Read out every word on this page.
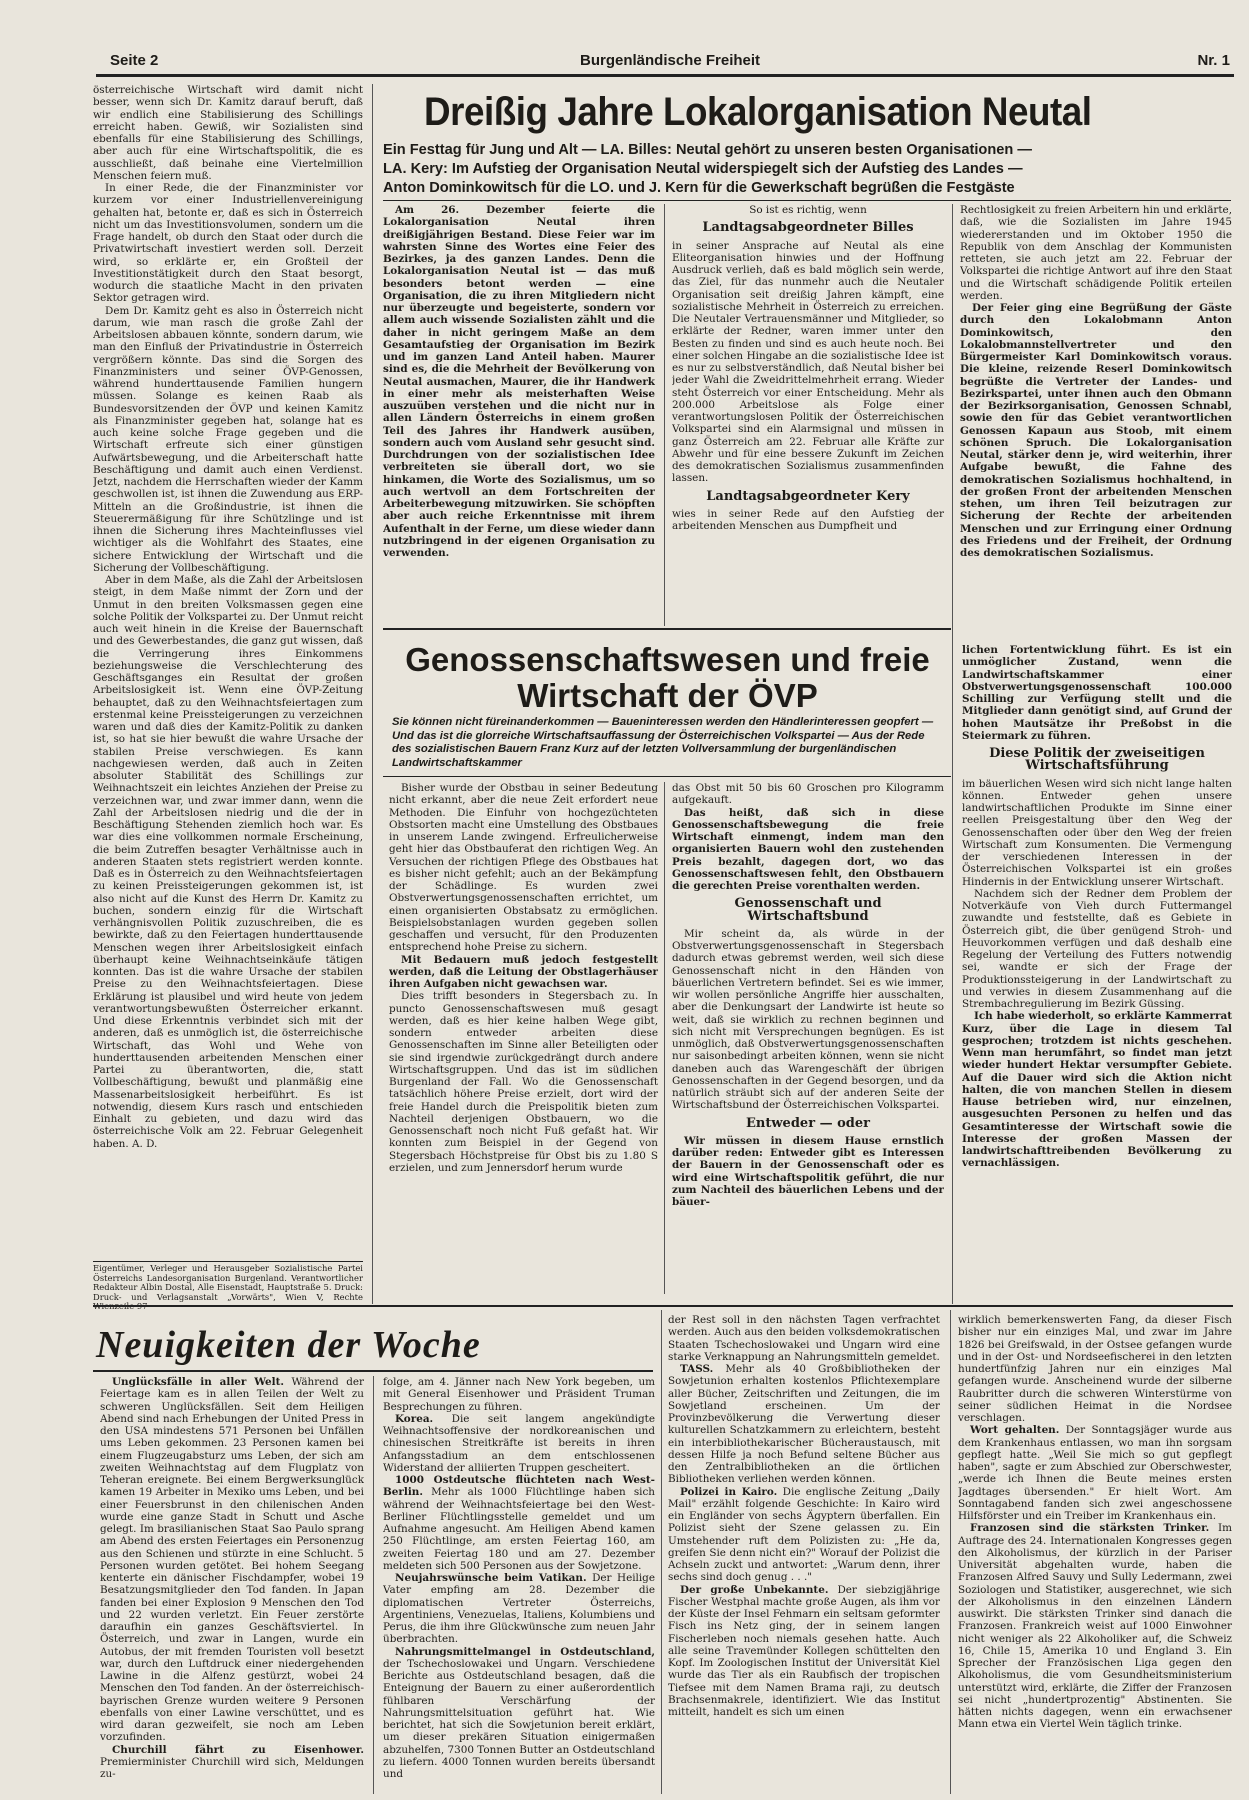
Seite 2	Burgenländische Freiheit	Nr. 1

österreichische Wirtschaft wird damit nicht besser, wenn sich Dr. Kamitz darauf beruft, daß wir endlich eine Stabilisierung des Schillings erreicht haben. Gewiß, wir Sozialisten sind ebenfalls für eine Stabilisierung des Schillings, aber auch für eine Wirtschaftspolitik, die es ausschließt, daß beinahe eine Viertelmillion Menschen feiern muß.

In einer Rede, die der Finanzminister vor kurzem vor einer Industriellenvereinigung gehalten hat, betonte er, daß es sich in Österreich nicht um das Investitionsvolumen, sondern um die Frage handelt, ob durch den Staat oder durch die Privatwirtschaft investiert werden soll. Derzeit wird, so erklärte er, ein Großteil der Investitionstätigkeit durch den Staat besorgt, wodurch die staatliche Macht in den privaten Sektor getragen wird.

Dem Dr. Kamitz geht es also in Österreich nicht darum, wie man rasch die große Zahl der Arbeitslosen abbauen könnte, sondern darum, wie man den Einfluß der Privatindustrie in Österreich vergrößern könnte. Das sind die Sorgen des Finanzministers und seiner ÖVP-Genossen, während hunderttausende Familien hungern müssen. Solange es keinen Raab als Bundesvorsitzenden der ÖVP und keinen Kamitz als Finanzminister gegeben hat, solange hat es auch keine solche Frage gegeben und die Wirtschaft erfreute sich einer günstigen Aufwärtsbewegung, und die Arbeiterschaft hatte Beschäftigung und damit auch einen Verdienst. Jetzt, nachdem die Herrschaften wieder der Kamm geschwollen ist, ist ihnen die Zuwendung aus ERP-Mitteln an die Großindustrie, ist ihnen die Steuerermäßigung für ihre Schützlinge und ist ihnen die Sicherung ihres Machteinflusses viel wichtiger als die Wohlfahrt des Staates, eine sichere Entwicklung der Wirtschaft und die Sicherung der Vollbeschäftigung.

Aber in dem Maße, als die Zahl der Arbeitslosen steigt, in dem Maße nimmt der Zorn und der Unmut in den breiten Volksmassen gegen eine solche Politik der Volkspartei zu. Der Unmut reicht auch weit hinein in die Kreise der Bauernschaft und des Gewerbestandes, die ganz gut wissen, daß die Verringerung ihres Einkommens beziehungsweise die Verschlechterung des Geschäftsganges ein Resultat der großen Arbeitslosigkeit ist. Wenn eine ÖVP-Zeitung behauptet, daß zu den Weihnachtsfeiertagen zum erstenmal keine Preissteigerungen zu verzeichnen waren und daß dies der Kamitz-Politik zu danken ist, so hat sie hier bewußt die wahre Ursache der stabilen Preise verschwiegen. Es kann nachgewiesen werden, daß auch in Zeiten absoluter Stabilität des Schillings zur Weihnachtszeit ein leichtes Anziehen der Preise zu verzeichnen war, und zwar immer dann, wenn die Zahl der Arbeitslosen niedrig und die der in Beschäftigung Stehenden ziemlich hoch war. Es war dies eine vollkommen normale Erscheinung, die beim Zutreffen besagter Verhältnisse auch in anderen Staaten stets registriert werden konnte. Daß es in Österreich zu den Weihnachtsfeiertagen zu keinen Preissteigerungen gekommen ist, ist also nicht auf die Kunst des Herrn Dr. Kamitz zu buchen, sondern einzig für die Wirtschaft verhängnisvollen Politik zuzuschreiben, die es bewirkte, daß zu den Feiertagen hunderttausende Menschen wegen ihrer Arbeitslosigkeit einfach überhaupt keine Weihnachtseinkäufe tätigen konnten. Das ist die wahre Ursache der stabilen Preise zu den Weihnachtsfeiertagen. Diese Erklärung ist plausibel und wird heute von jedem verantwortungsbewußten Österreicher erkannt. Und diese Erkenntnis verbindet sich mit der anderen, daß es unmöglich ist, die österreichische Wirtschaft, das Wohl und Wehe von hunderttausenden arbeitenden Menschen einer Partei zu überantworten, die, statt Vollbeschäftigung, bewußt und planmäßig eine Massenarbeitslosigkeit herbeiführt. Es ist notwendig, diesem Kurs rasch und entschieden Einhalt zu gebieten, und dazu wird das österreichische Volk am 22. Februar Gelegenheit haben. A. D.

Eigentümer, Verleger und Herausgeber Sozialistische Partei Österreichs Landesorganisation Burgenland. Verantwortlicher Redakteur Albin Dostal, Alle Eisenstadt, Hauptstraße 5. Druck: Druck- und Verlagsanstalt „Vorwärts", Wien V, Rechte
Dreißig Jahre Lokalorganisation Neutal
Ein Festtag für Jung und Alt — LA. Billes: Neutal gehört zu unseren besten Organisationen —
LA. Kery: Im Aufstieg der Organisation Neutal widerspiegelt sich der Aufstieg des Landes —
Anton Dominkowitsch für die LO. und J. Kern für die Gewerkschaft begrüßen die Festgäste

Am 26. Dezember feierte die Lokalorganisation Neutal ihren dreißigjährigen Bestand. Diese Feier war im wahrsten Sinne des Wortes eine Feier des Bezirkes, ja des ganzen Landes. Denn die Lokalorganisation Neutal ist — das muß besonders betont werden — eine Organisation, die zu ihren Mitgliedern nicht nur überzeugte und begeisterte, sondern vor allem auch wissende Sozialisten zählt und die daher in nicht geringem Maße an dem Gesamtaufstieg der Organisation im Bezirk und im ganzen Land Anteil haben. Maurer sind es, die die Mehrheit der Bevölkerung von Neutal ausmachen, Maurer, die ihr Handwerk in einer mehr als meisterhaften Weise auszuüben verstehen und die nicht nur in allen Ländern Österreichs in einem großen Teil des Jahres ihr Handwerk ausüben, sondern auch vom Ausland sehr gesucht sind. Durchdrungen von der sozialistischen Idee verbreiteten sie überall dort, wo sie hinkamen, die Worte des Sozialismus, um so auch wertvoll an dem Fortschreiten der Arbeiterbewegung mitzuwirken. Sie schöpften aber auch reiche Erkenntnisse mit ihrem Aufenthalt in der Ferne, um diese wieder dann nutzbringend in der eigenen Organisation zu verwenden.

So ist es richtig, wenn

Landtagsabgeordneter Billes

in seiner Ansprache auf Neutal als eine Eliteorganisation hinwies und der Hoffnung Ausdruck verlieh, daß es bald möglich sein werde, das Ziel, für das nunmehr auch die Neutaler Organisation seit dreißig Jahren kämpft, eine sozialistische Mehrheit in Österreich zu erreichen. Die Neutaler Vertrauensmänner und Mitglieder, so erklärte der Redner, waren immer unter den Besten zu finden und sind es auch heute noch. Bei einer solchen Hingabe an die sozialistische Idee ist es nur zu selbstverständlich, daß Neutal bisher bei jeder Wahl die Zweidrittelmehrheit errang. Wieder steht Österreich vor einer Entscheidung. Mehr als 200.000 Arbeitslose als Folge einer verantwortungslosen Politik der Österreichischen Volkspartei sind ein Alarmsignal und müssen in ganz Österreich am 22. Februar alle Kräfte zur Abwehr und für eine bessere Zukunft im Zeichen des demokratischen Sozialismus zusammenfinden lassen.

Landtagsabgeordneter Kery

wies in seiner Rede auf den Aufstieg der arbeitenden Menschen aus Dumpfheit und

Rechtlosigkeit zu freien Arbeitern hin und erklärte, daß, wie die Sozialisten im Jahre 1945 wiedererstanden und im Oktober 1950 die Republik von dem Anschlag der Kommunisten retteten, sie auch jetzt am 22. Februar der Volkspartei die richtige Antwort auf ihre den Staat und die Wirtschaft schädigende Politik erteilen werden.

Der Feier ging eine Begrüßung der Gäste durch den Lokalobmann Anton Dominkowitsch, den Lokalobmannstellvertreter und den Bürgermeister Karl Dominkowitsch voraus. Die kleine, reizende Reserl Dominkowitsch begrüßte die Vertreter der Landes- und Bezirkspartei, unter ihnen auch den Obmann der Bezirksorganisation, Genossen Schnabl, sowie den für das Gebiet verantwortlichen Genossen Kapaun aus Stoob, mit einem schönen Spruch. Die Lokalorganisation Neutal, stärker denn je, wird weiterhin, ihrer Aufgabe bewußt, die Fahne des demokratischen Sozialismus hochhaltend, in der großen Front der arbeitenden Menschen stehen, um ihren Teil beizutragen zur Sicherung der Rechte der arbeitenden Menschen und zur Erringung einer Ordnung des Friedens und der Freiheit, der Ordnung des demokratischen Sozialismus.

Genossenschaftswesen und freie Wirtschaft der ÖVP
Sie können nicht füreinanderkommen — Baueninteressen werden den Händlerinteressen geopfert — Und das ist die glorreiche Wirtschaftsauffassung der Österreichischen Volkspartei — Aus der Rede des sozialistischen Bauern Franz Kurz auf der letzten Vollversammlung der burgenländischen Landwirtschaftskammer

Bisher wurde der Obstbau in seiner Bedeutung nicht erkannt, aber die neue Zeit erfordert neue Methoden. Die Einfuhr von hochgezüchteten Obstsorten macht eine Umstellung des Obstbaues in unserem Lande zwingend. Erfreulicherweise geht hier das Obstbauferat den richtigen Weg. An Versuchen der richtigen Pflege des Obstbaues hat es bisher nicht gefehlt; auch an der Bekämpfung der Schädlinge. Es wurden zwei Obstverwertungsgenossenschaften errichtet, um einen organisierten Obstabsatz zu ermöglichen. Beispielsobstanlagen wurden gegeben sollen geschaffen und versucht, für den Produzenten entsprechend hohe Preise zu sichern.

Mit Bedauern muß jedoch festgestellt werden, daß die Leitung der Obstlagerhäuser ihren Aufgaben nicht gewachsen war.

Dies trifft besonders in Stegersbach zu. In puncto Genossenschaftswesen muß gesagt werden, daß es hier keine halben Wege gibt, sondern entweder arbeiten diese Genossenschaften im Sinne aller Beteiligten oder sie sind irgendwie zurückgedrängt durch andere Wirtschaftsgruppen. Und das ist im südlichen Burgenland der Fall. Wo die Genossenschaft tatsächlich höhere Preise erzielt, dort wird der freie Handel durch die Preispolitik bieten zum Nachteil derjenigen Obstbauern, wo die Genossenschaft noch nicht Fuß gefaßt hat. Wir konnten zum Beispiel in der Gegend von Stegersbach Höchstpreise für Obst bis zu 1.80 S erzielen, und zum Jennersdorf herum wurde

das Obst mit 50 bis 60 Groschen pro Kilogramm aufgekauft.

Das heißt, daß sich in diese Genossenschaftsbewegung die freie Wirtschaft einmengt, indem man den organisierten Bauern wohl den zustehenden Preis bezahlt, dagegen dort, wo das Genossenschaftswesen fehlt, den Obstbauern die gerechten Preise vorenthalten werden.

Genossenschaft und Wirtschaftsbund

Mir scheint da, als würde in der Obstverwertungsgenossenschaft in Stegersbach dadurch etwas gebremst werden, weil sich diese Genossenschaft nicht in den Händen von bäuerlichen Vertretern befindet. Sei es wie immer, wir wollen persönliche Angriffe hier ausschalten, aber die Denkungsart der Landwirte ist heute so weit, daß sie wirklich zu rechnen beginnen und sich nicht mit Versprechungen begnügen. Es ist unmöglich, daß Obstverwertungsgenossenschaften nur saisonbedingt arbeiten können, wenn sie nicht daneben auch das Warengeschäft der übrigen Genossenschaften in der Gegend besorgen, und da natürlich sträubt sich auf der anderen Seite der Wirtschaftsbund der Österreichischen Volkspartei.

Entweder — oder

Wir müssen in diesem Hause ernstlich darüber reden: Entweder gibt es Interessen der Bauern in der Genossenschaft oder es wird eine Wirtschaftspolitik geführt, die nur zum Nachteil des bäuerlichen Lebens und der bäuer-

lichen Fortentwicklung führt. Es ist ein unmöglicher Zustand, wenn die Landwirtschaftskammer einer Obstverwertungsgenossenschaft 100.000 Schilling zur Verfügung stellt und die Mitglieder dann genötigt sind, auf Grund der hohen Mautsätze ihr Preßobst in die Steiermark zu führen.

Diese Politik der zweiseitigen Wirtschaftsführung

im bäuerlichen Wesen wird sich nicht lange halten können. Entweder gehen unsere landwirtschaftlichen Produkte im Sinne einer reellen Preisgestaltung über den Weg der Genossenschaften oder über den Weg der freien Wirtschaft zum Konsumenten. Die Vermengung der verschiedenen Interessen in der Österreichischen Volkspartei ist ein großes Hindernis in der Entwicklung unserer Wirtschaft.

Nachdem sich der Redner dem Problem der Notverkäufe von Vieh durch Futtermangel zuwandte und feststellte, daß es Gebiete in Österreich gibt, die über genügend Stroh- und Heuvorkommen verfügen und daß deshalb eine Regelung der Verteilung des Futters notwendig sei, wandte er sich der Frage der Produktionssteigerung in der Landwirtschaft zu und verwies in diesem Zusammenhang auf die Strembachregulierung im Bezirk Güssing.

Ich habe wiederholt, so erklärte Kammerrat Kurz, über die Lage in diesem Tal gesprochen; trotzdem ist nichts geschehen. Wenn man herumfährt, so findet man jetzt wieder hundert Hektar versumpfter Gebiete. Auf die Dauer wird sich die Aktion nicht halten, die von manchen Stellen in diesem Hause betrieben wird, nur einzelnen, ausgesuchten Personen zu helfen und das Gesamtinteresse der Wirtschaft sowie die Interesse der großen Massen der landwirtschafttreibenden Bevölkerung zu vernachlässigen.

Neuigkeiten der Woche

Unglücksfälle in aller Welt. Während der Feiertage kam es in allen Teilen der Welt zu schweren Unglücksfällen. Seit dem Heiligen Abend sind nach Erhebungen der United Press in den USA mindestens 571 Personen bei Unfällen ums Leben gekommen. 23 Personen kamen bei einem Flugzeugabsturz ums Leben, der sich am zweiten Weihnachtstag auf dem Flugplatz von Teheran ereignete. Bei einem Bergwerksunglück kamen 19 Arbeiter in Mexiko ums Leben, und bei einer Feuersbrunst in den chilenischen Anden wurde eine ganze Stadt in Schutt und Asche gelegt. Im brasilianischen Staat Sao Paulo sprang am Abend des ersten Feiertages ein Personenzug aus den Schienen und stürzte in eine Schlucht. 5 Personen wurden getötet. Bei hohem Seegang kenterte ein dänischer Fischdampfer, wobei 19 Besatzungsmitglieder den Tod fanden. In Japan fanden bei einer Explosion 9 Menschen den Tod und 22 wurden verletzt. Ein Feuer zerstörte daraufhin ein ganzes Geschäftsviertel. In Österreich, und zwar in Langen, wurde ein Autobus, der mit fremden Touristen voll besetzt war, durch den Luftdruck einer niedergehenden Lawine in die Alfenz gestürzt, wobei 24 Menschen den Tod fanden. An der österreichisch-bayrischen Grenze wurden weitere 9 Personen ebenfalls von einer Lawine verschüttet, und es wird daran gezweifelt, sie noch am Leben vorzufinden.

Churchill fährt zu Eisenhower. Premierminister Churchill wird sich, Meldungen zu-

folge, am 4. Jänner nach New York begeben, um mit General Eisenhower und Präsident Truman Besprechungen zu führen.

Korea. Die seit langem angekündigte Weihnachtsoffensive der nordkoreanischen und chinesischen Streitkräfte ist bereits in ihren Anfangsstadium an dem entschlossenen Widerstand der alliierten Truppen gescheitert.

1000 Ostdeutsche flüchteten nach West-Berlin. Mehr als 1000 Flüchtlinge haben sich während der Weihnachtsfeiertage bei den West-Berliner Flüchtlingsstelle gemeldet und um Aufnahme angesucht. Am Heiligen Abend kamen 250 Flüchtlinge, am ersten Feiertag 160, am zweiten Feiertag 180 und am 27. Dezember meldeten sich 500 Personen aus der Sowjetzone.

Neujahrswünsche beim Vatikan. Der Heilige Vater empfing am 28. Dezember die diplomatischen Vertreter Österreichs, Argentiniens, Venezuelas, Italiens, Kolumbiens und Perus, die ihm ihre Glückwünsche zum neuen Jahr überbrachten.

Nahrungsmittelmangel in Ostdeutschland, der Tschechoslowakei und Ungarn. Verschiedene Berichte aus Ostdeutschland besagen, daß die Enteignung der Bauern zu einer außerordentlich fühlbaren Verschärfung der Nahrungsmittelsituation geführt hat. Wie berichtet, hat sich die Sowjetunion bereit erklärt, um dieser prekären Situation einigermaßen abzuhelfen, 7300 Tonnen Butter an Ostdeutschland zu liefern. 4000 Tonnen wurden bereits übersandt und

der Rest soll in den nächsten Tagen verfrachtet werden. Auch aus den beiden volksdemokratischen Staaten Tschechoslowakei und Ungarn wird eine starke Verknappung an Nahrungsmitteln gemeldet.

TASS. Mehr als 40 Großbibliotheken der Sowjetunion erhalten kostenlos Pflichtexemplare aller Bücher, Zeitschriften und Zeitungen, die im Sowjetland erscheinen. Um der Provinzbevölkerung die Verwertung dieser kulturellen Schatzkammern zu erleichtern, besteht ein interbibliothekarischer Bücheraustausch, mit dessen Hilfe ja noch Befund seltene Bücher aus den Zentralbibliotheken an die örtlichen Bibliotheken verliehen werden können.

Polizei in Kairo. Die englische Zeitung „Daily Mail" erzählt folgende Geschichte: In Kairo wird ein Engländer von sechs Ägyptern überfallen. Ein Polizist sieht der Szene gelassen zu. Ein Umstehender ruft dem Polizisten zu: „He da, greifen Sie denn nicht ein?" Worauf der Polizist die Achseln zuckt und antwortet: „Warum denn, ihrer sechs sind doch genug . . ."

Der große Unbekannte. Der siebzigjährige Fischer Westphal machte große Augen, als ihm vor der Küste der Insel Fehmarn ein seltsam geformter Fisch ins Netz ging, der in seinem langen Fischerleben noch niemals gesehen hatte. Auch alle seine Travemünder Kollegen schüttelten den Kopf. Im Zoologischen Institut der Universität Kiel wurde das Tier als ein Raubfisch der tropischen Tiefsee mit dem Namen Brama raji, zu deutsch Brachsenmakrele, identifiziert. Wie das Institut mitteilt, handelt es sich um einen

wirklich bemerkenswerten Fang, da dieser Fisch bisher nur ein einziges Mal, und zwar im Jahre 1826 bei Greifswald, in der Ostsee gefangen wurde und in der Ost- und Nordseefischerei in den letzten hundertfünfzig Jahren nur ein einziges Mal gefangen wurde. Anscheinend wurde der silberne Raubritter durch die schweren Winterstürme von seiner südlichen Heimat in die Nordsee verschlagen.

Wort gehalten. Der Sonntagsjäger wurde aus dem Krankenhaus entlassen, wo man ihn sorgsam gepflegt hatte. „Weil Sie mich so gut gepflegt haben", sagte er zum Abschied zur Oberschwester, „werde ich Ihnen die Beute meines ersten Jagdtages übersenden." Er hielt Wort. Am Sonntagabend fanden sich zwei angeschossene Hilfsförster und ein Treiber im Krankenhaus ein.

Franzosen sind die stärksten Trinker. Im Auftrage des 24. Internationalen Kongresses gegen den Alkoholismus, der kürzlich in der Pariser Universität abgehalten wurde, haben die Franzosen Alfred Sauvy und Sully Ledermann, zwei Soziologen und Statistiker, ausgerechnet, wie sich der Alkoholismus in den einzelnen Ländern auswirkt. Die stärksten Trinker sind danach die Franzosen. Frankreich weist auf 1000 Einwohner nicht weniger als 22 Alkoholiker auf, die Schweiz 16, Chile 15, Amerika 10 und England 3. Ein Sprecher der Französischen Liga gegen den Alkoholismus, die vom Gesundheitsministerium unterstützt wird, erklärte, die Ziffer der Franzosen sei nicht „hundertprozentig" Abstinenten. Sie hätten nichts dagegen, wenn ein erwachsener Mann etwa ein Viertel Wein täglich trinke.
